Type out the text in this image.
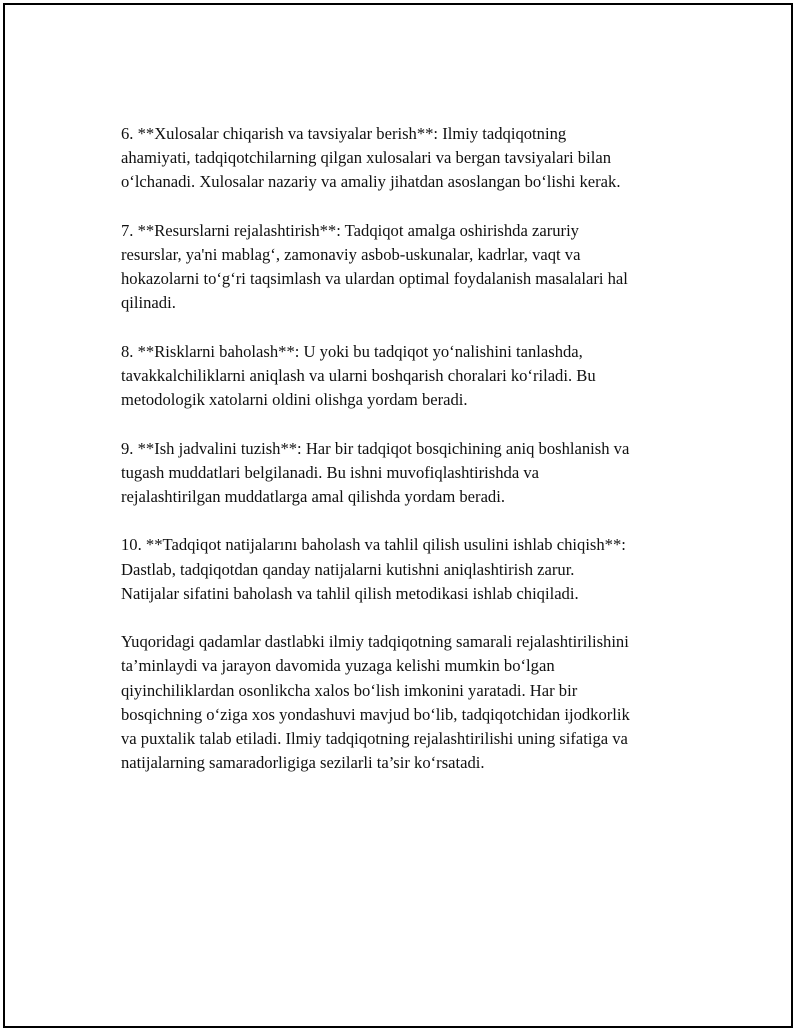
6. **Xulosalar chiqarish va tavsiyalar berish**: Ilmiy tadqiqotning
ahamiyati, tadqiqotchilarning qilgan xulosalari va bergan tavsiyalari bilan
o‘lchanadi. Xulosalar nazariy va amaliy jihatdan asoslangan bo‘lishi kerak.

7. **Resurslarni rejalashtirish**: Tadqiqot amalga oshirishda zaruriy
resurslar, ya'ni mablag‘, zamonaviy asbob-uskunalar, kadrlar, vaqt va
hokazolarni to‘g‘ri taqsimlash va ulardan optimal foydalanish masalalari hal
qilinadi.

8. **Risklarni baholash**: U yoki bu tadqiqot yo‘nalishini tanlashda,
tavakkalchiliklarni aniqlash va ularni boshqarish choralari ko‘riladi. Bu
metodologik xatolarni oldini olishga yordam beradi.

9. **Ish jadvalini tuzish**: Har bir tadqiqot bosqichining aniq boshlanish va
tugash muddatlari belgilanadi. Bu ishni muvofiqlashtirishda va
rejalashtirilgan muddatlarga amal qilishda yordam beradi.

10. **Tadqiqot natijalarını baholash va tahlil qilish usulini ishlab chiqish**:
Dastlab, tadqiqotdan qanday natijalarni kutishni aniqlashtirish zarur.
Natijalar sifatini baholash va tahlil qilish metodikasi ishlab chiqiladi.

Yuqoridagi qadamlar dastlabki ilmiy tadqiqotning samarali rejalashtirilishini
ta’minlaydi va jarayon davomida yuzaga kelishi mumkin bo‘lgan
qiyinchiliklardan osonlikcha xalos bo‘lish imkonini yaratadi. Har bir
bosqichning o‘ziga xos yondashuvi mavjud bo‘lib, tadqiqotchidan ijodkorlik
va puxtalik talab etiladi. Ilmiy tadqiqotning rejalashtirilishi uning sifatiga va
natijalarning samaradorligiga sezilarli ta’sir ko‘rsatadi.
